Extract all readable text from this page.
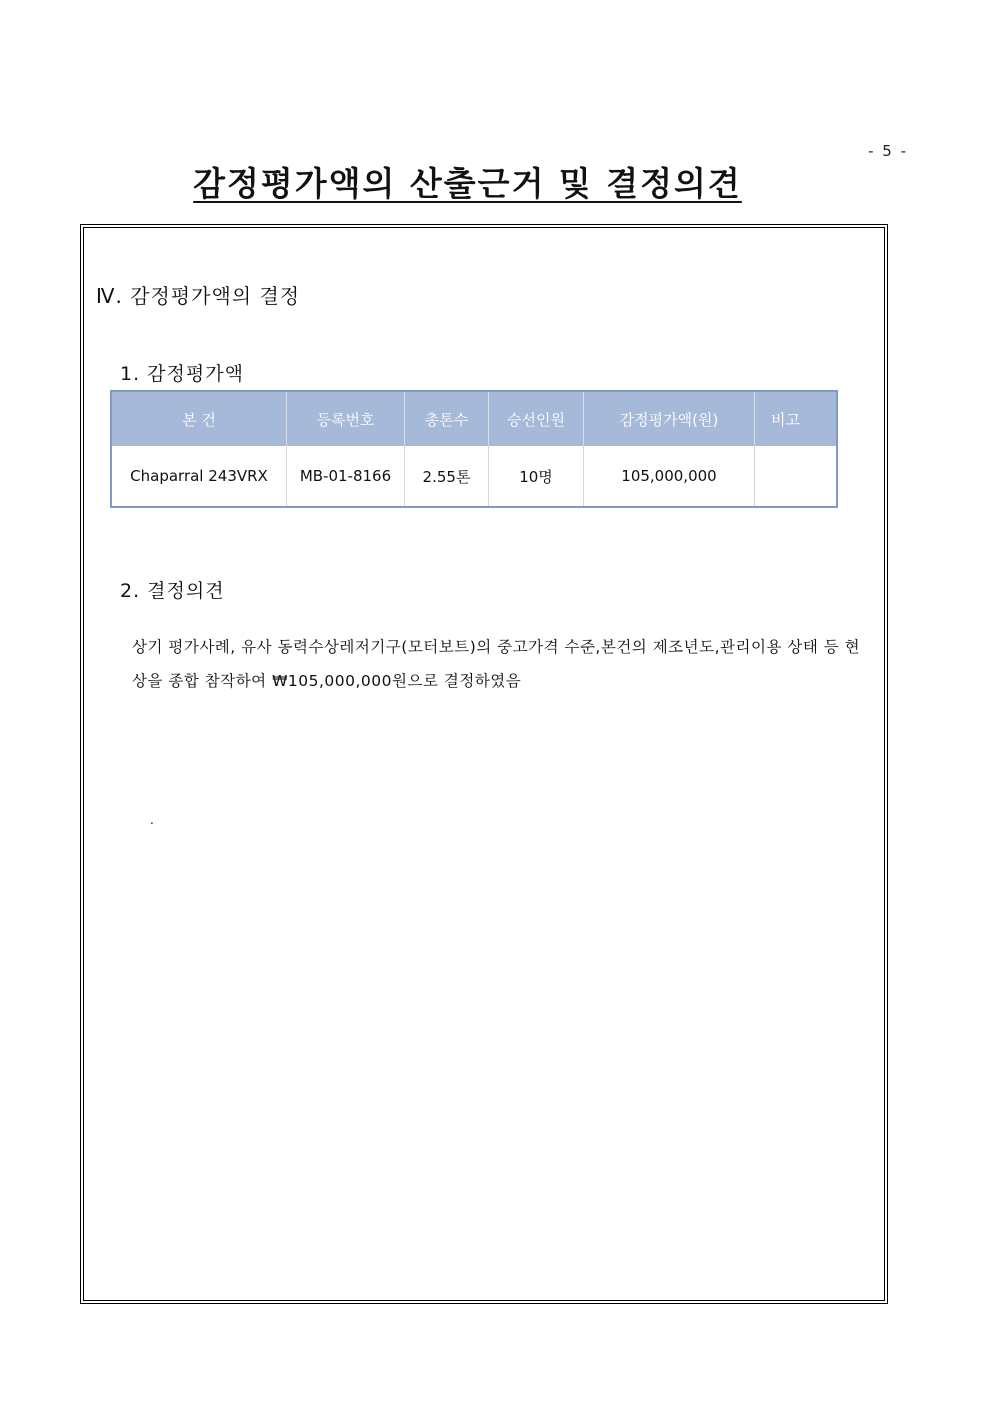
- 5 -
감정평가액의 산출근거 및 결정의견
Ⅳ. 감정평가액의 결정
1. 감정평가액
본 건	등록번호	총톤수	승선인원	감정평가액(원)	비고
Chaparral 243VRX	MB-01-8166	2.55톤	10명	105,000,000	
2. 결정의견
상기 평가사례, 유사 동력수상레저기구(모터보트)의 중고가격 수준,본건의 제조년도,관리이용 상태 등 현상을 종합 참작하여 ₩105,000,000원으로 결정하였음
.
